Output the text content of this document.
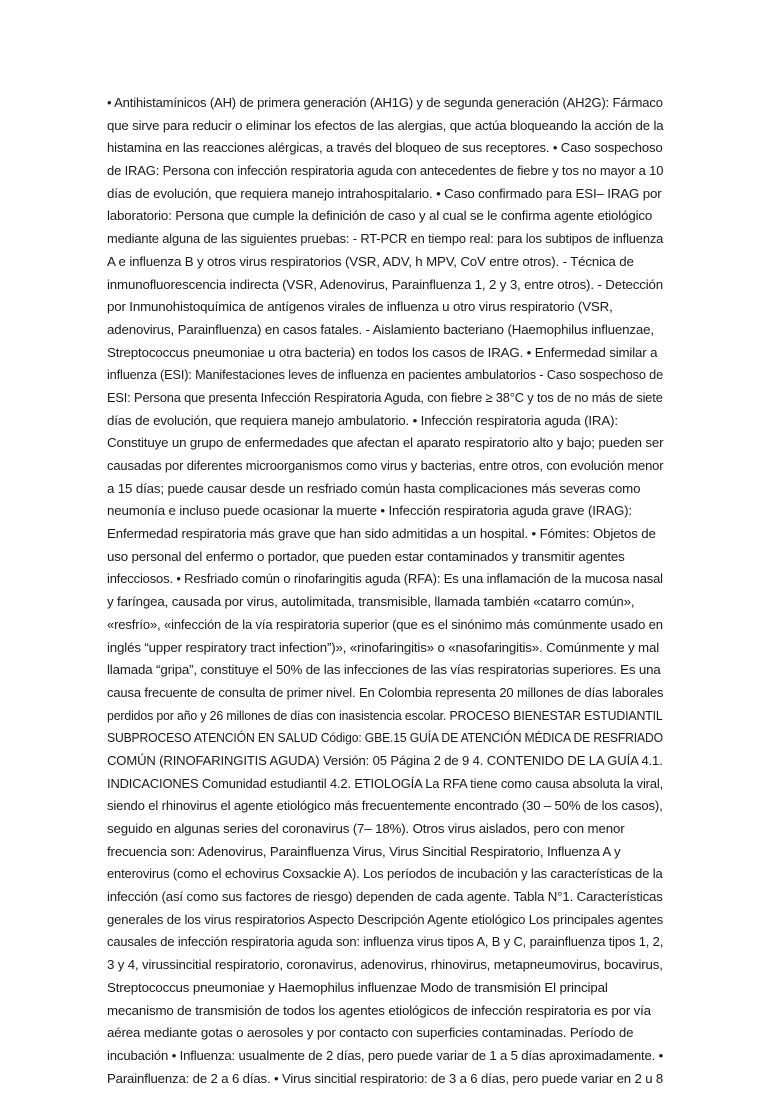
• Antihistamínicos (AH) de primera generación (AH1G) y de segunda generación (AH2G): Fármaco
que sirve para reducir o eliminar los efectos de las alergias, que actúa bloqueando la acción de la
histamina en las reacciones alérgicas, a través del bloqueo de sus receptores. • Caso sospechoso
de IRAG: Persona con infección respiratoria aguda con antecedentes de fiebre y tos no mayor a 10
días de evolución, que requiera manejo intrahospitalario. • Caso confirmado para ESI– IRAG por
laboratorio: Persona que cumple la definición de caso y al cual se le confirma agente etiológico
mediante alguna de las siguientes pruebas: - RT-PCR en tiempo real: para los subtipos de influenza
A e influenza B y otros virus respiratorios (VSR, ADV, h MPV, CoV entre otros). - Técnica de
inmunofluorescencia indirecta (VSR, Adenovirus, Parainfluenza 1, 2 y 3, entre otros). - Detección
por Inmunohistoquímica de antígenos virales de influenza u otro virus respiratorio (VSR,
adenovirus, Parainfluenza) en casos fatales. - Aislamiento bacteriano (Haemophilus influenzae,
Streptococcus pneumoniae u otra bacteria) en todos los casos de IRAG. • Enfermedad similar a
influenza (ESI): Manifestaciones leves de influenza en pacientes ambulatorios - Caso sospechoso de
ESI: Persona que presenta Infección Respiratoria Aguda, con fiebre ≥ 38°C y tos de no más de siete
días de evolución, que requiera manejo ambulatorio. • Infección respiratoria aguda (IRA):
Constituye un grupo de enfermedades que afectan el aparato respiratorio alto y bajo; pueden ser
causadas por diferentes microorganismos como virus y bacterias, entre otros, con evolución menor
a 15 días; puede causar desde un resfriado común hasta complicaciones más severas como
neumonía e incluso puede ocasionar la muerte • Infección respiratoria aguda grave (IRAG):
Enfermedad respiratoria más grave que han sido admitidas a un hospital. • Fómites: Objetos de
uso personal del enfermo o portador, que pueden estar contaminados y transmitir agentes
infecciosos. • Resfriado común o rinofaringitis aguda (RFA): Es una inflamación de la mucosa nasal
y faríngea, causada por virus, autolimitada, transmisible, llamada también «catarro común»,
«resfrío», «infección de la vía respiratoria superior (que es el sinónimo más comúnmente usado en
inglés “upper respiratory tract infection”)», «rinofaringitis» o «nasofaringitis». Comúnmente y mal
llamada “gripa”, constituye el 50% de las infecciones de las vías respiratorias superiores. Es una
causa frecuente de consulta de primer nivel. En Colombia representa 20 millones de días laborales
perdidos por año y 26 millones de días con inasistencia escolar. PROCESO BIENESTAR ESTUDIANTIL
SUBPROCESO ATENCIÓN EN SALUD Código: GBE.15 GUÍA DE ATENCIÓN MÉDICA DE RESFRIADO
COMÚN (RINOFARINGITIS AGUDA) Versión: 05 Página 2 de 9 4. CONTENIDO DE LA GUÍA 4.1.
INDICACIONES Comunidad estudiantil 4.2. ETIOLOGÍA La RFA tiene como causa absoluta la viral,
siendo el rhinovirus el agente etiológico más frecuentemente encontrado (30 – 50% de los casos),
seguido en algunas series del coronavirus (7– 18%). Otros virus aislados, pero con menor
frecuencia son: Adenovirus, Parainfluenza Virus, Virus Sincitial Respiratorio, Influenza A y
enterovirus (como el echovirus Coxsackie A). Los períodos de incubación y las características de la
infección (así como sus factores de riesgo) dependen de cada agente. Tabla N°1. Características
generales de los virus respiratorios Aspecto Descripción Agente etiológico Los principales agentes
causales de infección respiratoria aguda son: influenza virus tipos A, B y C, parainfluenza tipos 1, 2,
3 y 4, virussincitial respiratorio, coronavirus, adenovirus, rhinovirus, metapneumovirus, bocavirus,
Streptococcus pneumoniae y Haemophilus influenzae Modo de transmisión El principal
mecanismo de transmisión de todos los agentes etiológicos de infección respiratoria es por vía
aérea mediante gotas o aerosoles y por contacto con superficies contaminadas. Período de
incubación • Influenza: usualmente de 2 días, pero puede variar de 1 a 5 días aproximadamente. •
Parainfluenza: de 2 a 6 días. • Virus sincitial respiratorio: de 3 a 6 días, pero puede variar en 2 u 8
